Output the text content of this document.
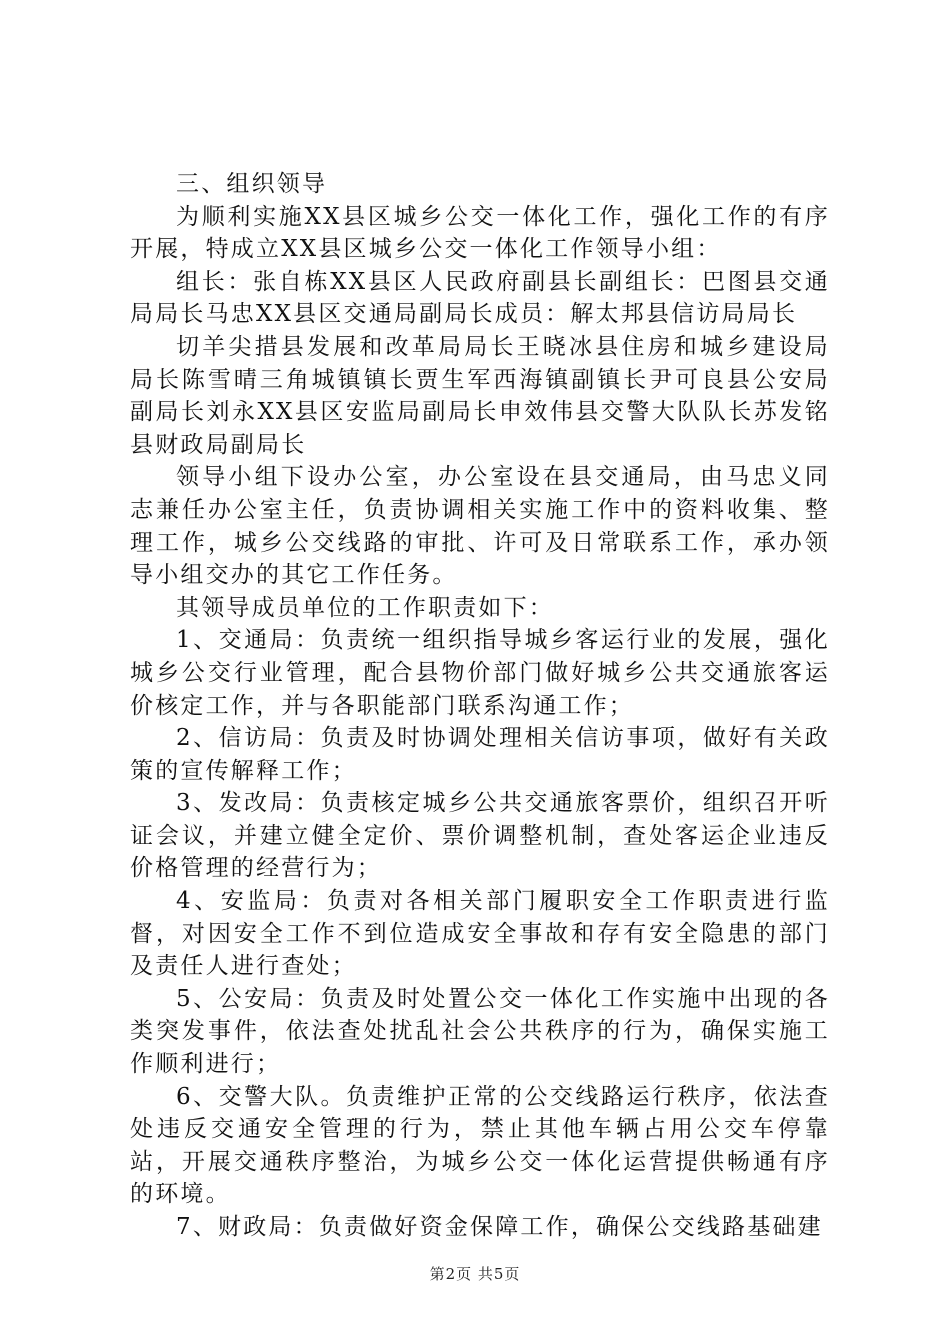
三、组织领导

为顺利实施XX县区城乡公交一体化工作，强化工作的有序开展，特成立XX县区城乡公交一体化工作领导小组：

组长：张自栋XX县区人民政府副县长副组长：巴图县交通局局长马忠XX县区交通局副局长成员：解太邦县信访局局长

切羊尖措县发展和改革局局长王晓冰县住房和城乡建设局局长陈雪晴三角城镇镇长贾生军西海镇副镇长尹可良县公安局副局长刘永XX县区安监局副局长申效伟县交警大队队长苏发铭县财政局副局长

领导小组下设办公室，办公室设在县交通局，由马忠义同志兼任办公室主任，负责协调相关实施工作中的资料收集、整理工作，城乡公交线路的审批、许可及日常联系工作，承办领导小组交办的其它工作任务。

其领导成员单位的工作职责如下：

1、交通局：负责统一组织指导城乡客运行业的发展，强化城乡公交行业管理，配合县物价部门做好城乡公共交通旅客运价核定工作，并与各职能部门联系沟通工作；

2、信访局：负责及时协调处理相关信访事项，做好有关政策的宣传解释工作；

3、发改局：负责核定城乡公共交通旅客票价，组织召开听证会议，并建立健全定价、票价调整机制，查处客运企业违反价格管理的经营行为；

4、安监局：负责对各相关部门履职安全工作职责进行监督，对因安全工作不到位造成安全事故和存有安全隐患的部门及责任人进行查处；

5、公安局：负责及时处置公交一体化工作实施中出现的各类突发事件，依法查处扰乱社会公共秩序的行为，确保实施工作顺利进行；

6、交警大队。负责维护正常的公交线路运行秩序，依法查处违反交通安全管理的行为，禁止其他车辆占用公交车停靠站，开展交通秩序整治，为城乡公交一体化运营提供畅通有序的环境。

7、财政局：负责做好资金保障工作，确保公交线路基础建

第2页 共5页
